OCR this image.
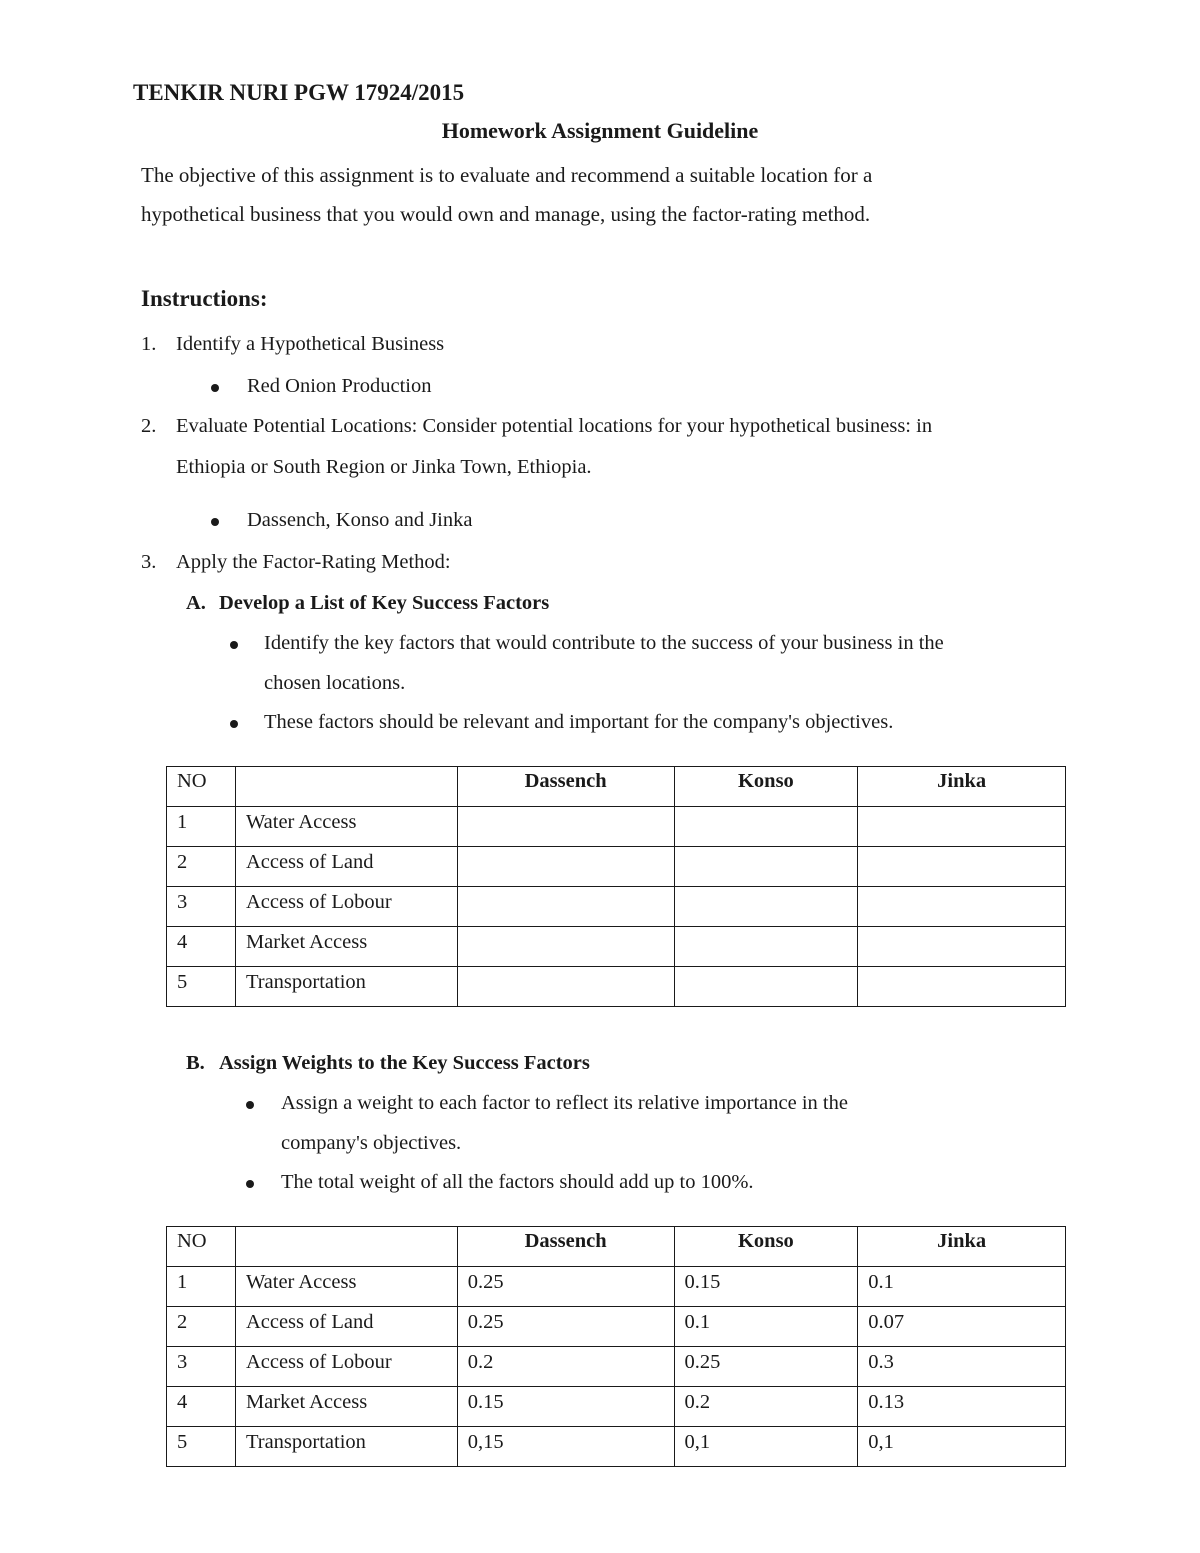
TENKIR NURI PGW 17924/2015
Homework Assignment Guideline
The objective of this assignment is to evaluate and recommend a suitable location for a
hypothetical business that you would own and manage, using the factor-rating method.
Instructions:
1. Identify a Hypothetical Business
Red Onion Production
2. Evaluate Potential Locations: Consider potential locations for your hypothetical business: in
Ethiopia or South Region or Jinka Town, Ethiopia.
Dassench, Konso and Jinka
3. Apply the Factor-Rating Method:
A. Develop a List of Key Success Factors
Identify the key factors that would contribute to the success of your business in the
chosen locations.
These factors should be relevant and important for the company's objectives.
NO		Dassench	Konso	Jinka
1	Water Access			
2	Access of Land			
3	Access of Lobour			
4	Market Access			
5	Transportation			
B. Assign Weights to the Key Success Factors
Assign a weight to each factor to reflect its relative importance in the
company's objectives.
The total weight of all the factors should add up to 100%.
NO		Dassench	Konso	Jinka
1	Water Access	0.25	0.15	0.1
2	Access of Land	0.25	0.1	0.07
3	Access of Lobour	0.2	0.25	0.3
4	Market Access	0.15	0.2	0.13
5	Transportation	0,15	0,1	0,1
